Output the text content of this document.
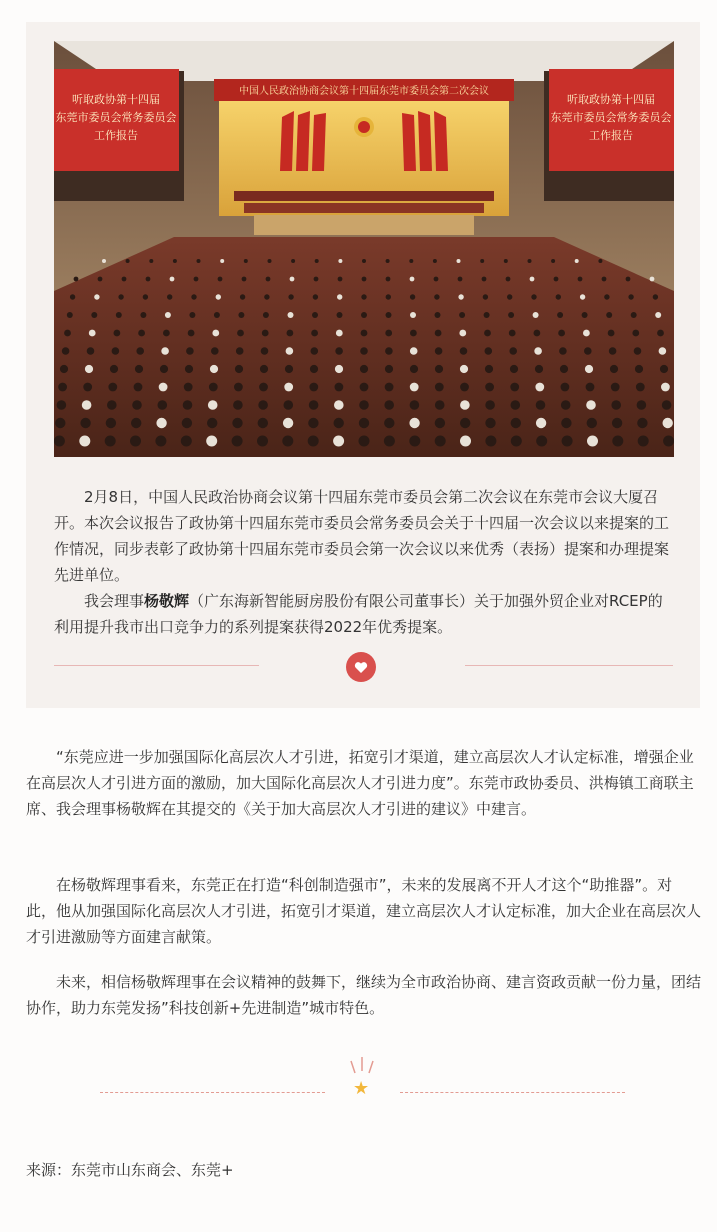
中国人民政治协商会议第十四届东莞市委员会第二次会议
听取政协第十四届
东莞市委员会常务委员会
工作报告
听取政协第十四届
东莞市委员会常务委员会
工作报告

2月8日，中国人民政治协商会议第十四届东莞市委员会第二次会议在东莞市会议大厦召开。本次会议报告了政协第十四届东莞市委员会常务委员会关于十四届一次会议以来提案的工作情况，同步表彰了政协第十四届东莞市委员会第一次会议以来优秀（表扬）提案和办理提案先进单位。

我会理事杨敬辉（广东海新智能厨房股份有限公司董事长）关于加强外贸企业对RCEP的利用提升我市出口竞争力的系列提案获得2022年优秀提案。

“东莞应进一步加强国际化高层次人才引进，拓宽引才渠道，建立高层次人才认定标准，增强企业在高层次人才引进方面的激励，加大国际化高层次人才引进力度”。东莞市政协委员、洪梅镇工商联主席、我会理事杨敬辉在其提交的《关于加大高层次人才引进的建议》中建言。

在杨敬辉理事看来，东莞正在打造“科创制造强市”，未来的发展离不开人才这个“助推器”。对此，他从加强国际化高层次人才引进，拓宽引才渠道，建立高层次人才认定标准，加大企业在高层次人才引进激励等方面建言献策。

未来，相信杨敬辉理事在会议精神的鼓舞下，继续为全市政治协商、建言资政贡献一份力量，团结协作，助力东莞发扬”科技创新+先进制造”城市特色。

★
来源：东莞市山东商会、东莞+
